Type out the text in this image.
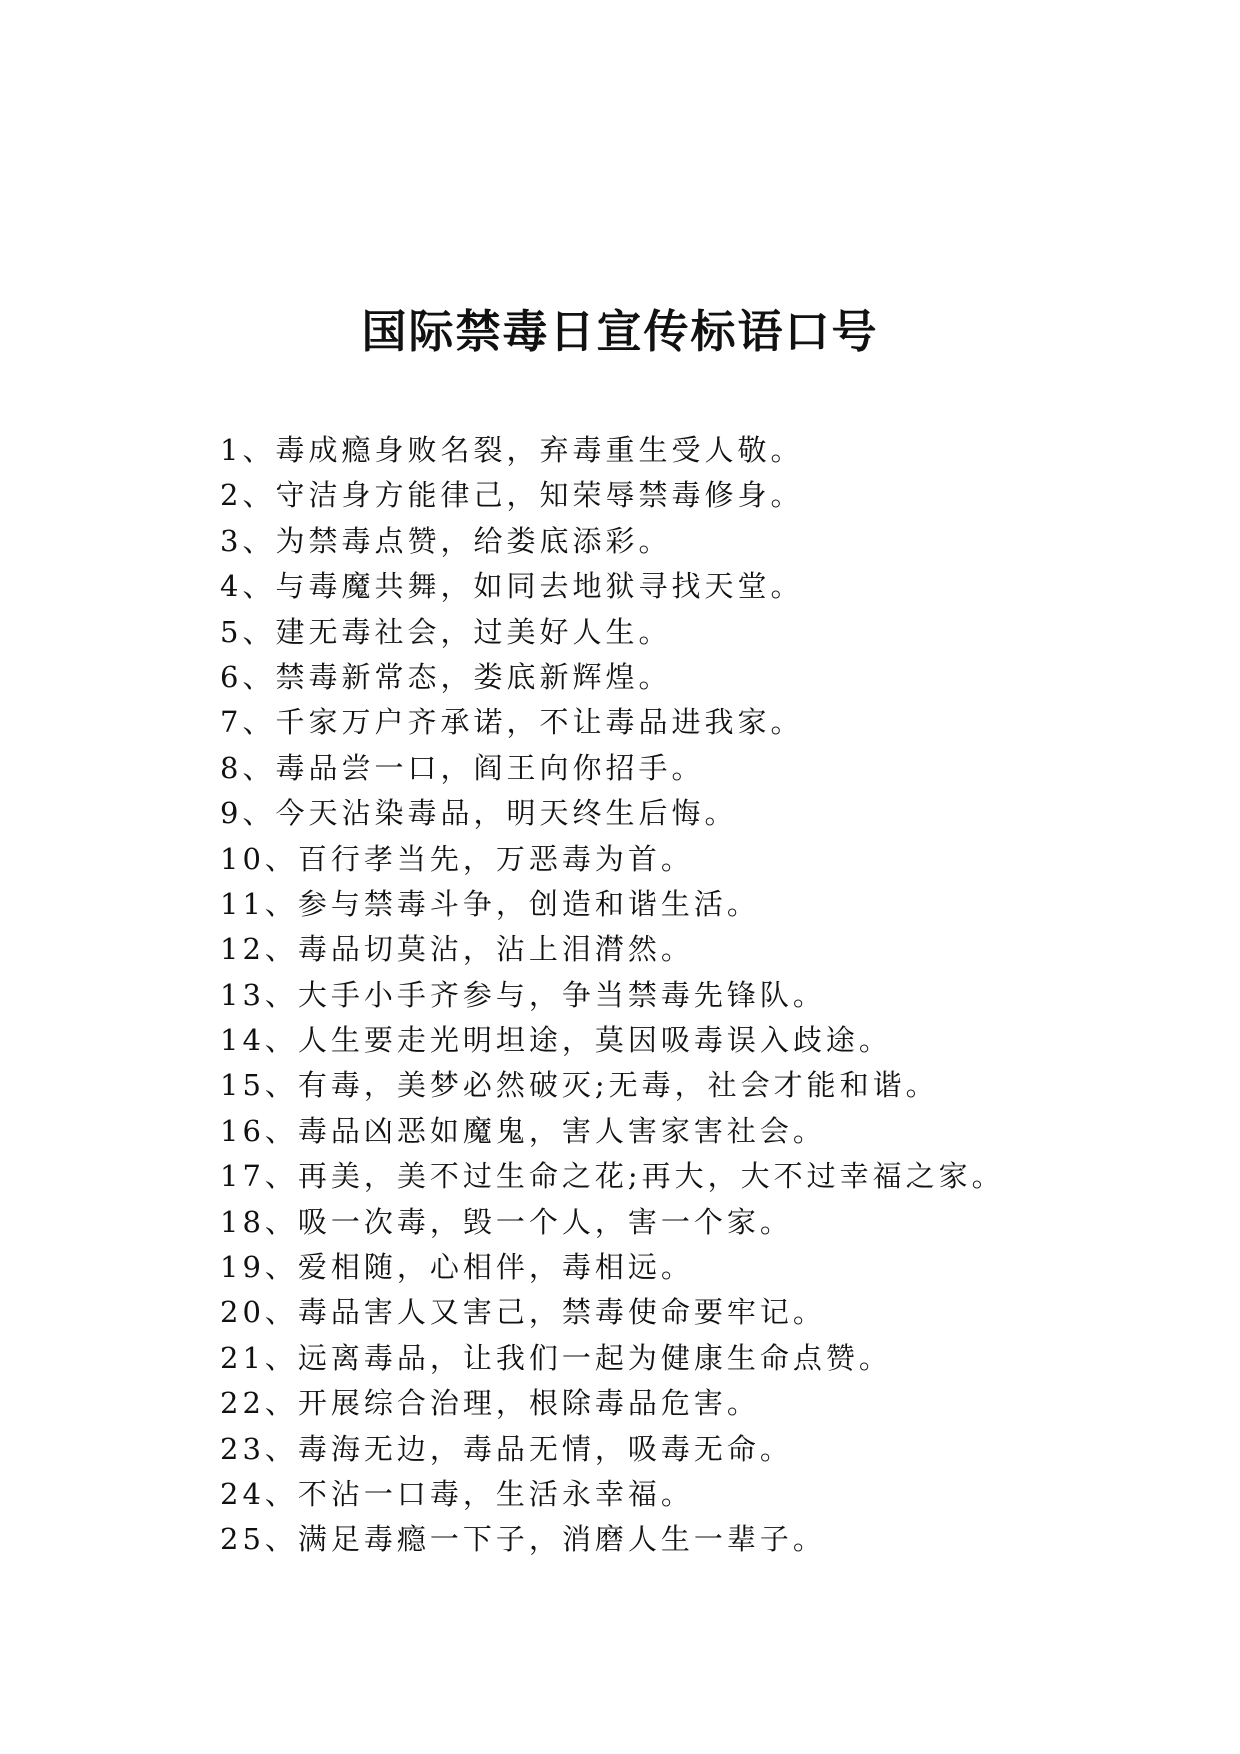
国际禁毒日宣传标语口号
1、毒成瘾身败名裂，弃毒重生受人敬。
2、守洁身方能律己，知荣辱禁毒修身。
3、为禁毒点赞，给娄底添彩。
4、与毒魔共舞，如同去地狱寻找天堂。
5、建无毒社会，过美好人生。
6、禁毒新常态，娄底新辉煌。
7、千家万户齐承诺，不让毒品进我家。
8、毒品尝一口，阎王向你招手。
9、今天沾染毒品，明天终生后悔。
10、百行孝当先，万恶毒为首。
11、参与禁毒斗争，创造和谐生活。
12、毒品切莫沾，沾上泪潸然。
13、大手小手齐参与，争当禁毒先锋队。
14、人生要走光明坦途，莫因吸毒误入歧途。
15、有毒，美梦必然破灭;无毒，社会才能和谐。
16、毒品凶恶如魔鬼，害人害家害社会。
17、再美，美不过生命之花;再大，大不过幸福之家。
18、吸一次毒，毁一个人，害一个家。
19、爱相随，心相伴，毒相远。
20、毒品害人又害己，禁毒使命要牢记。
21、远离毒品，让我们一起为健康生命点赞。
22、开展综合治理，根除毒品危害。
23、毒海无边，毒品无情，吸毒无命。
24、不沾一口毒，生活永幸福。
25、满足毒瘾一下子，消磨人生一辈子。
